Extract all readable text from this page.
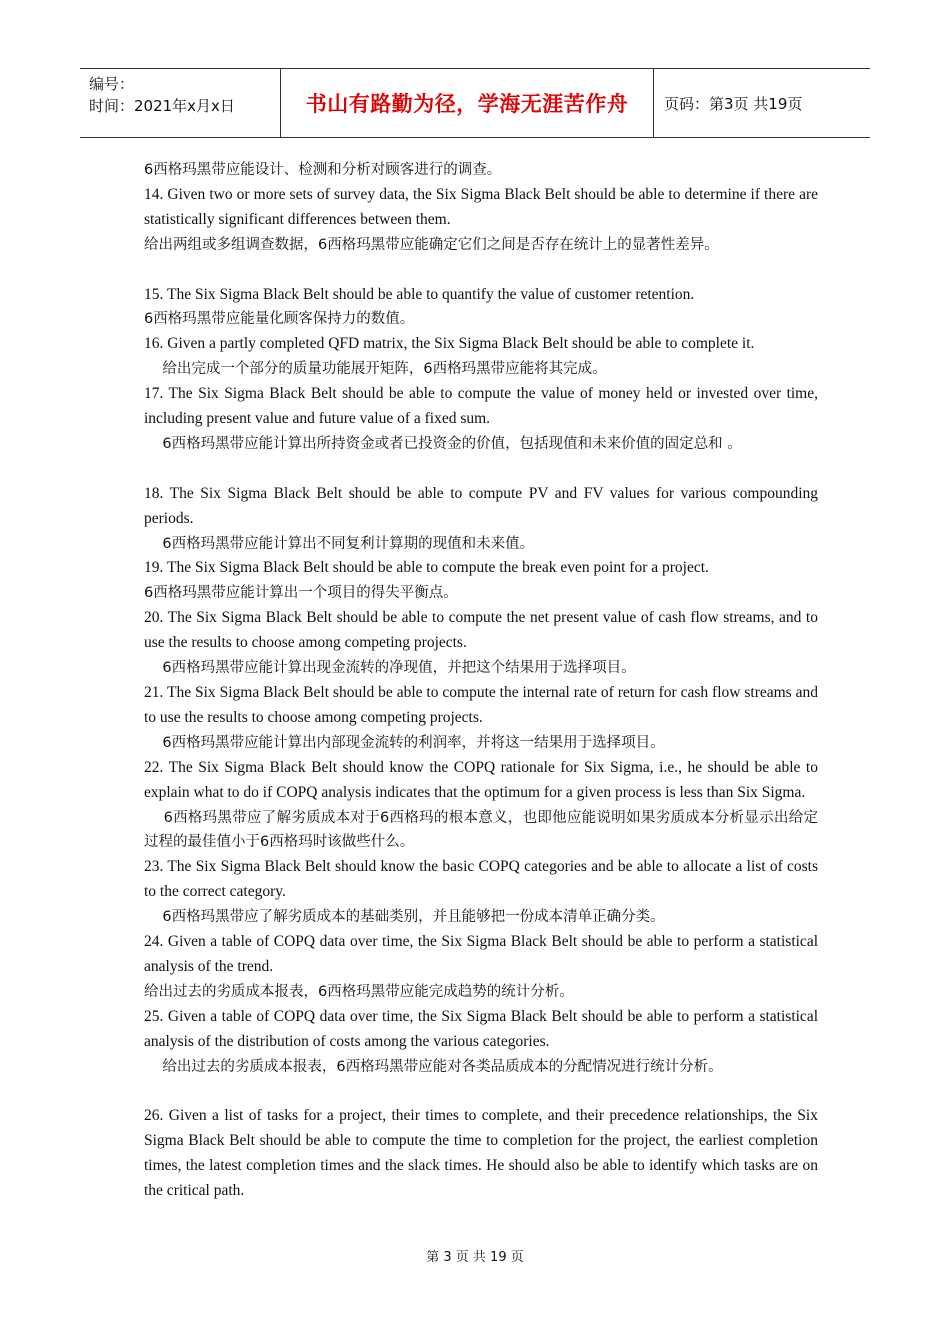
编号：
时间：2021年x月x日	书山有路勤为径，学海无涯苦作舟	页码：第3页 共19页

6西格玛黑带应能设计、检测和分析对顾客进行的调查。

14. Given two or more sets of survey data, the Six Sigma Black Belt should be able to determine if there are statistically significant differences between them.

给出两组或多组调查数据，6西格玛黑带应能确定它们之间是否存在统计上的显著性差异。

15. The Six Sigma Black Belt should be able to quantify the value of customer retention.

6西格玛黑带应能量化顾客保持力的数值。

16. Given a partly completed QFD matrix, the Six Sigma Black Belt should be able to complete it.

给出完成一个部分的质量功能展开矩阵，6西格玛黑带应能将其完成。

17. The Six Sigma Black Belt should be able to compute the value of money held or invested over time, including present value and future value of a fixed sum.

6西格玛黑带应能计算出所持资金或者已投资金的价值，包括现值和未来价值的固定总和 。

18. The Six Sigma Black Belt should be able to compute PV and FV values for various compounding periods.

6西格玛黑带应能计算出不同复利计算期的现值和未来值。

19. The Six Sigma Black Belt should be able to compute the break even point for a project.

6西格玛黑带应能计算出一个项目的得失平衡点。

20. The Six Sigma Black Belt should be able to compute the net present value of cash flow streams, and to use the results to choose among competing projects.

6西格玛黑带应能计算出现金流转的净现值，并把这个结果用于选择项目。

21. The Six Sigma Black Belt should be able to compute the internal rate of return for cash flow streams and to use the results to choose among competing projects.

6西格玛黑带应能计算出内部现金流转的利润率，并将这一结果用于选择项目。

22. The Six Sigma Black Belt should know the COPQ rationale for Six Sigma, i.e., he should be able to explain what to do if COPQ analysis indicates that the optimum for a given process is less than Six Sigma.

6西格玛黑带应了解劣质成本对于6西格玛的根本意义，也即他应能说明如果劣质成本分析显示出给定过程的最佳值小于6西格玛时该做些什么。

23. The Six Sigma Black Belt should know the basic COPQ categories and be able to allocate a list of costs to the correct category.

6西格玛黑带应了解劣质成本的基础类别，并且能够把一份成本清单正确分类。

24. Given a table of COPQ data over time, the Six Sigma Black Belt should be able to perform a statistical analysis of the trend.

给出过去的劣质成本报表，6西格玛黑带应能完成趋势的统计分析。

25. Given a table of COPQ data over time, the Six Sigma Black Belt should be able to perform a statistical analysis of the distribution of costs among the various categories.

给出过去的劣质成本报表，6西格玛黑带应能对各类品质成本的分配情况进行统计分析。

26. Given a list of tasks for a project, their times to complete, and their precedence relationships, the Six Sigma Black Belt should be able to compute the time to completion for the project, the earliest completion times, the latest completion times and the slack times. He should also be able to identify which tasks are on the critical path.

第 3 页 共 19 页
